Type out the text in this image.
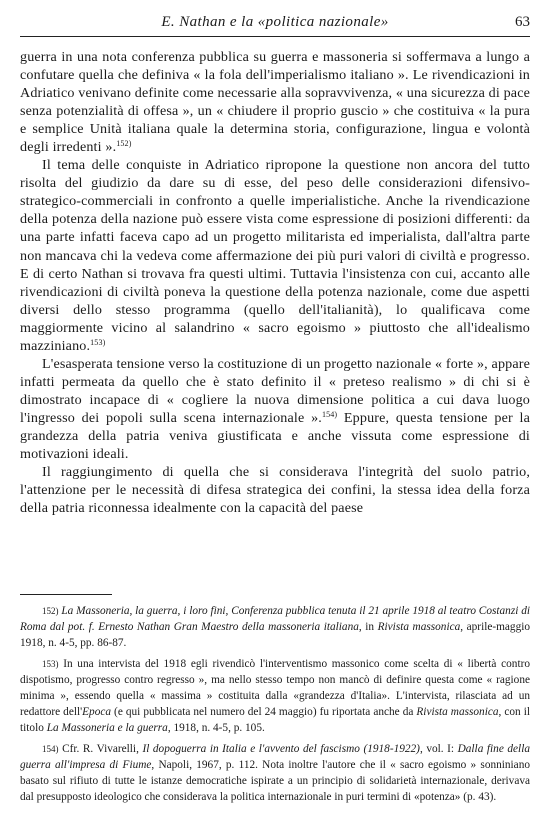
E. Nathan e la «politica nazionale»	63

guerra in una nota conferenza pubblica su guerra e massoneria si soffermava a lungo a confutare quella che definiva « la fola dell'imperialismo italiano ». Le rivendicazioni in Adriatico venivano definite come necessarie alla sopravvivenza, « una sicurezza di pace senza potenzialità di offesa », un « chiudere il proprio guscio » che costituiva « la pura e semplice Unità italiana quale la determina storia, configurazione, lingua e volontà degli irredenti ».$^{152)}$

Il tema delle conquiste in Adriatico ripropone la questione non ancora del tutto risolta del giudizio da dare su di esse, del peso delle considerazioni difensivo-strategico-commerciali in confronto a quelle imperialistiche. Anche la rivendicazione della potenza della nazione può essere vista come espressione di posizioni differenti: da una parte infatti faceva capo ad un progetto militarista ed imperialista, dall'altra parte non mancava chi la vedeva come affermazione dei più puri valori di civiltà e progresso. E di certo Nathan si trovava fra questi ultimi. Tuttavia l'insistenza con cui, accanto alle rivendicazioni di civiltà poneva la questione della potenza nazionale, come due aspetti diversi dello stesso programma (quello dell'italianità), lo qualificava come maggiormente vicino al salandrino « sacro egoismo » piuttosto che all'idealismo mazziniano.$^{153)}$

L'esasperata tensione verso la costituzione di un progetto nazionale « forte », appare infatti permeata da quello che è stato definito il « preteso realismo » di chi si è dimostrato incapace di « cogliere la nuova dimensione politica a cui dava luogo l'ingresso dei popoli sulla scena internazionale ».$^{154)}$ Eppure, questa tensione per la grandezza della patria veniva giustificata e anche vissuta come espressione di motivazioni ideali.

Il raggiungimento di quella che si considerava l'integrità del suolo patrio, l'attenzione per le necessità di difesa strategica dei confini, la stessa idea della forza della patria riconnessa idealmente con la capacità del paese

152) La Massoneria, la guerra, i loro fini, Conferenza pubblica tenuta il 21 aprile 1918 al teatro Costanzi di Roma dal pot. f. Ernesto Nathan Gran Maestro della massoneria italiana, in Rivista massonica, aprile-maggio 1918, n. 4-5, pp. 86-87.

153) In una intervista del 1918 egli rivendicò l'interventismo massonico come scelta di « libertà contro dispotismo, progresso contro regresso », ma nello stesso tempo non mancò di definire questa come « ragione minima », essendo quella « massima » costituita dalla «grandezza d'Italia». L'intervista, rilasciata ad un redattore dell'Epoca (e qui pubblicata nel numero del 24 maggio) fu riportata anche da Rivista massonica, con il titolo La Massoneria e la guerra, 1918, n. 4-5, p. 105.

154) Cfr. R. Vivarelli, Il dopoguerra in Italia e l'avvento del fascismo (1918-1922), vol. I: Dalla fine della guerra all'impresa di Fiume, Napoli, 1967, p. 112. Nota inoltre l'autore che il « sacro egoismo » sonniniano basato sul rifiuto di tutte le istanze democratiche ispirate a un principio di solidarietà internazionale, derivava dal presupposto ideologico che considerava la politica internazionale in puri termini di «potenza» (p. 43).
